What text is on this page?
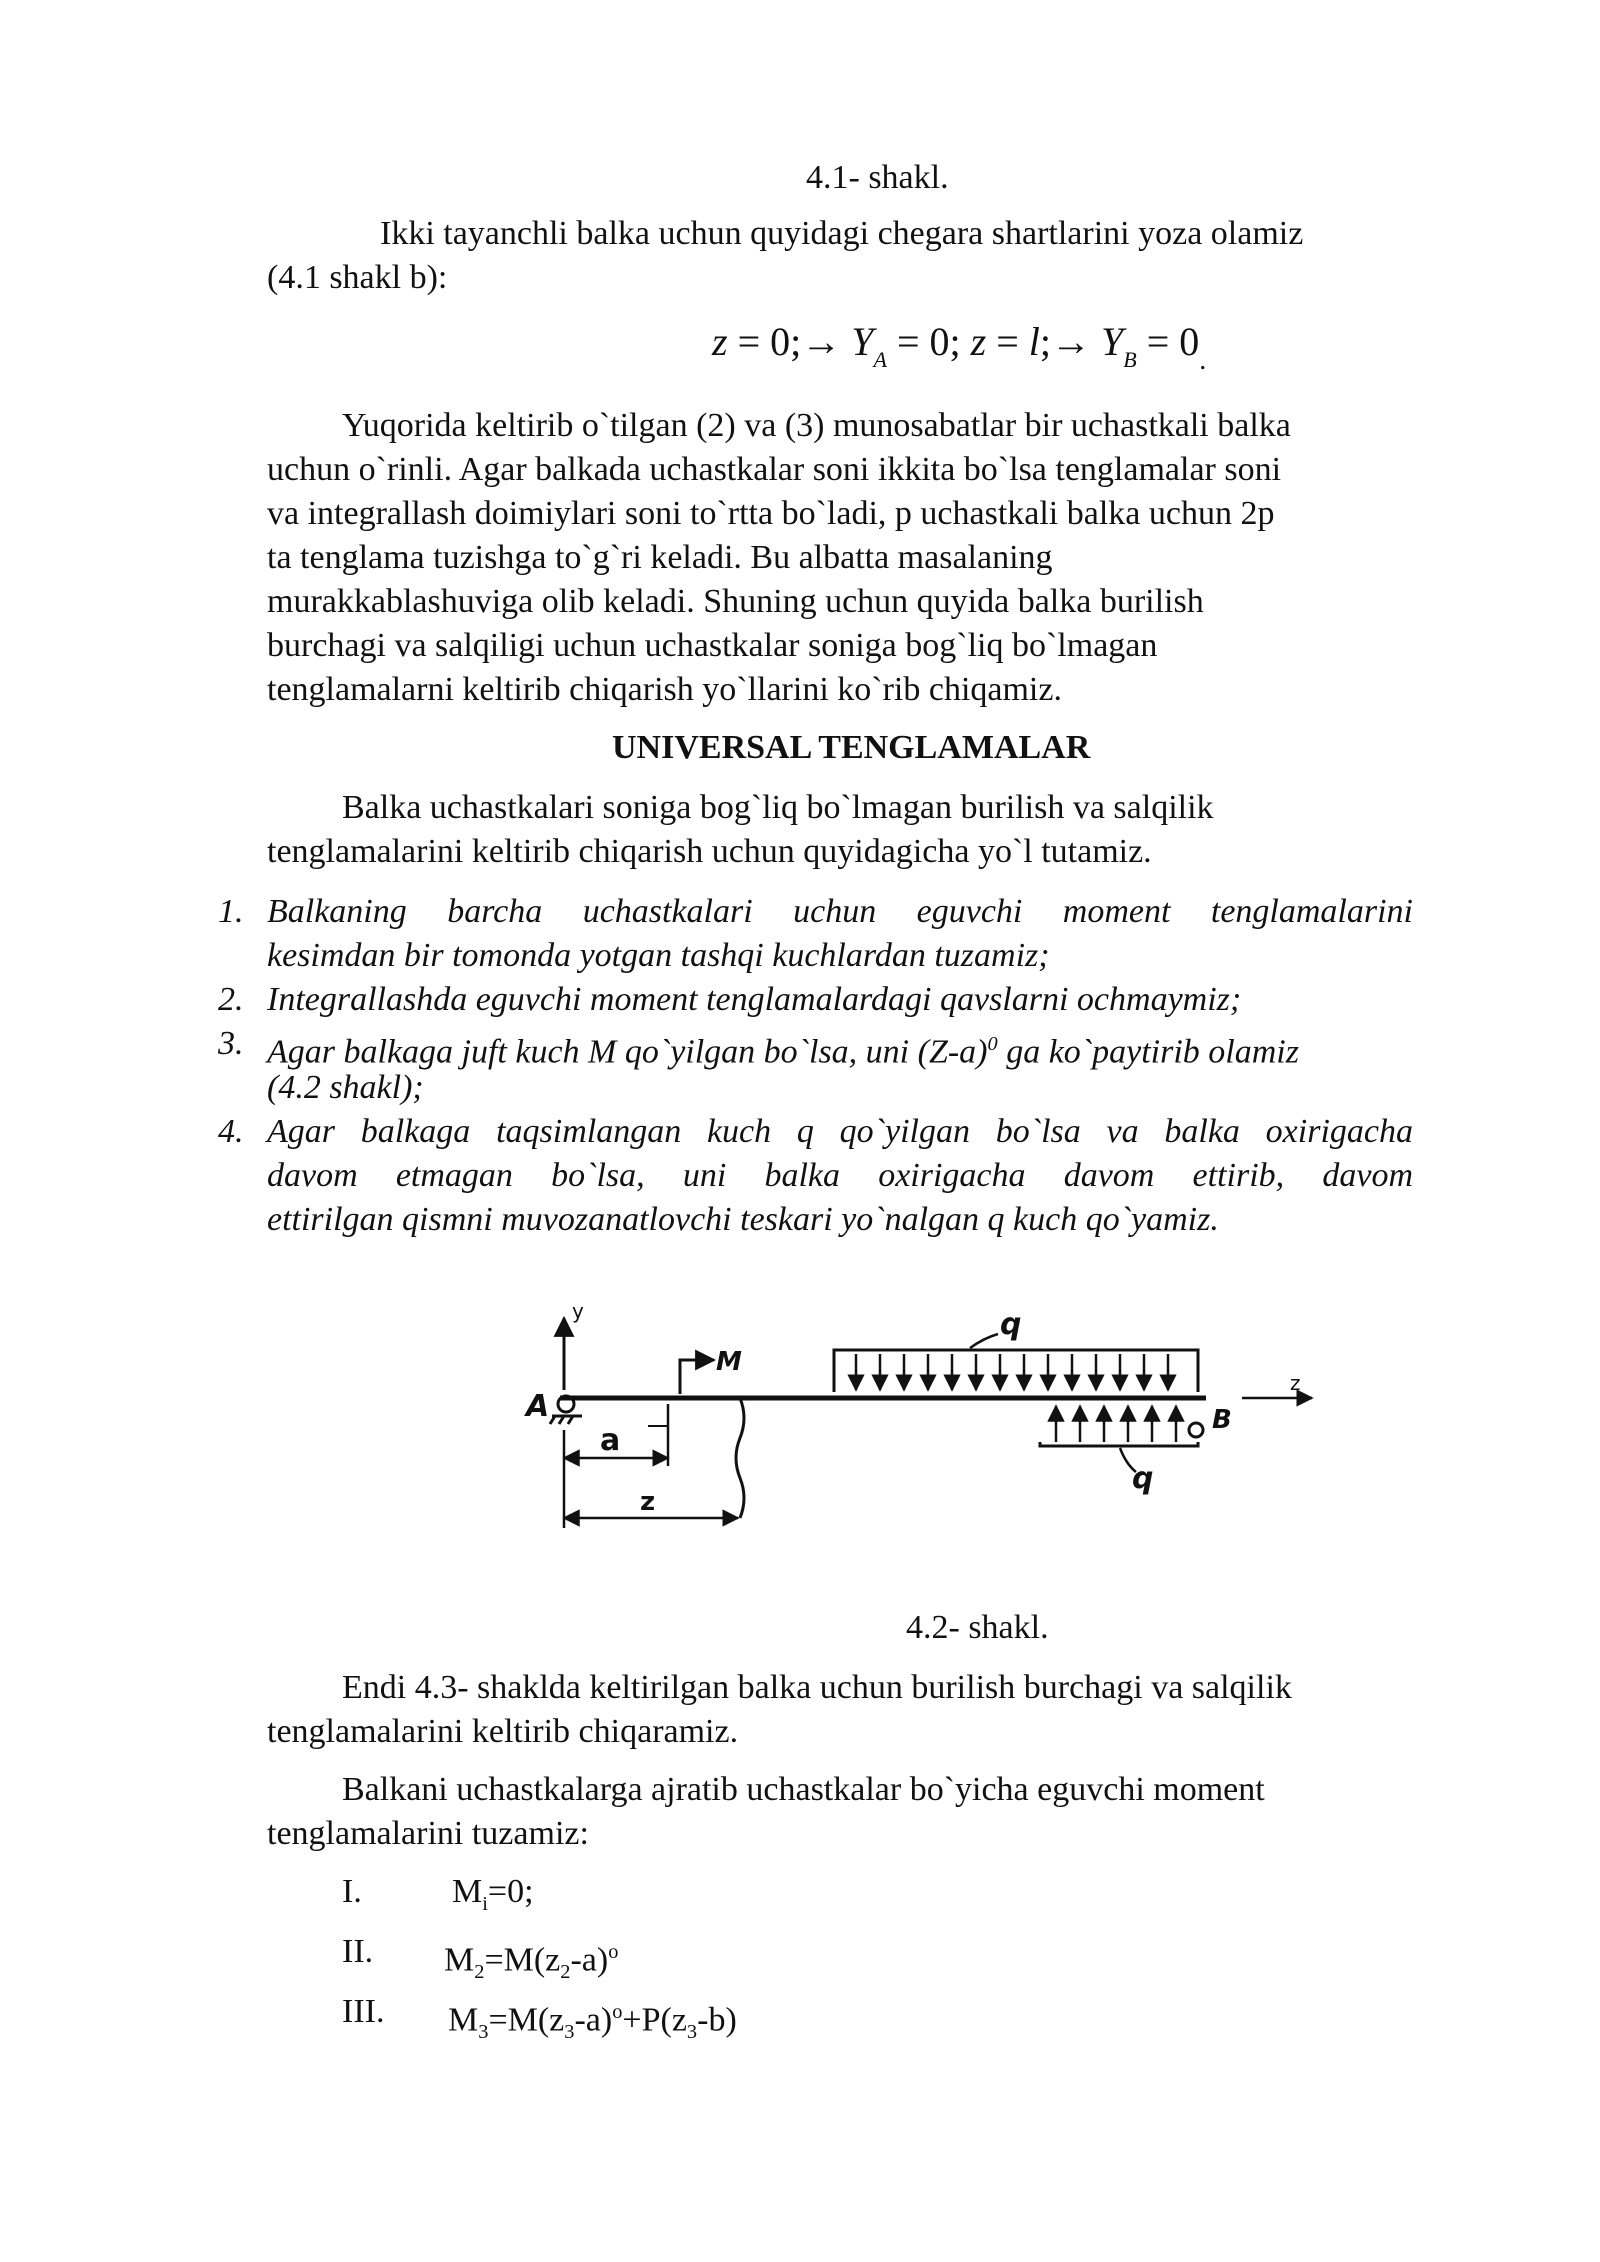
4.1- shakl.
Ikki tayanchli balka uchun quyidagi chegara shartlarini yoza olamiz
(4.1 shakl b):
z = 0;→ $Y_A = 0$; z = l;→ $Y_B = 0_.$
Yuqorida keltirib o`tilgan (2) va (3) munosabatlar bir uchastkali balka
uchun o`rinli. Agar balkada uchastkalar soni ikkita bo`lsa tenglamalar soni
va integrallash doimiylari soni to`rtta bo`ladi, p uchastkali balka uchun 2p
ta tenglama tuzishga to`g`ri keladi. Bu albatta masalaning
murakkablashuviga olib keladi. Shuning uchun quyida balka burilish
burchagi va salqiligi uchun uchastkalar soniga bog`liq bo`lmagan
tenglamalarni keltirib chiqarish yo`llarini ko`rib chiqamiz.
UNIVERSAL TENGLAMALAR
Balka uchastkalari soniga bog`liq bo`lmagan burilish va salqilik
tenglamalarini keltirib chiqarish uchun quyidagicha yo`l tutamiz.
1. Balkaning barcha uchastkalari uchun eguvchi moment tenglamalarini
kesimdan bir tomonda yotgan tashqi kuchlardan tuzamiz;
2. Integrallashda eguvchi moment tenglamalardagi qavslarni ochmaymiz;
3. Agar balkaga juft kuch M qo`yilgan bo`lsa, uni $(Z-a)^0$ ga ko`paytirib olamiz
(4.2 shakl);
4. Agar balkaga taqsimlangan kuch q qo`yilgan bo`lsa va balka oxirigacha
davom etmagan bo`lsa, uni balka oxirigacha davom ettirib, davom
ettirilgan qismni muvozanatlovchi teskari yo`nalgan q kuch qo`yamiz.
y
z
A	B
M
q
q
a
z
4.2- shakl.
Endi 4.3- shaklda keltirilgan balka uchun burilish burchagi va salqilik
tenglamalarini keltirib chiqaramiz.
Balkani uchastkalarga ajratib uchastkalar bo`yicha eguvchi moment
tenglamalarini tuzamiz:
I.	$M_i=0$;
II. $M_2=M(z_2-a)^o$
III. $M_3=M(z_3-a)^o+P(z_3-b)$
